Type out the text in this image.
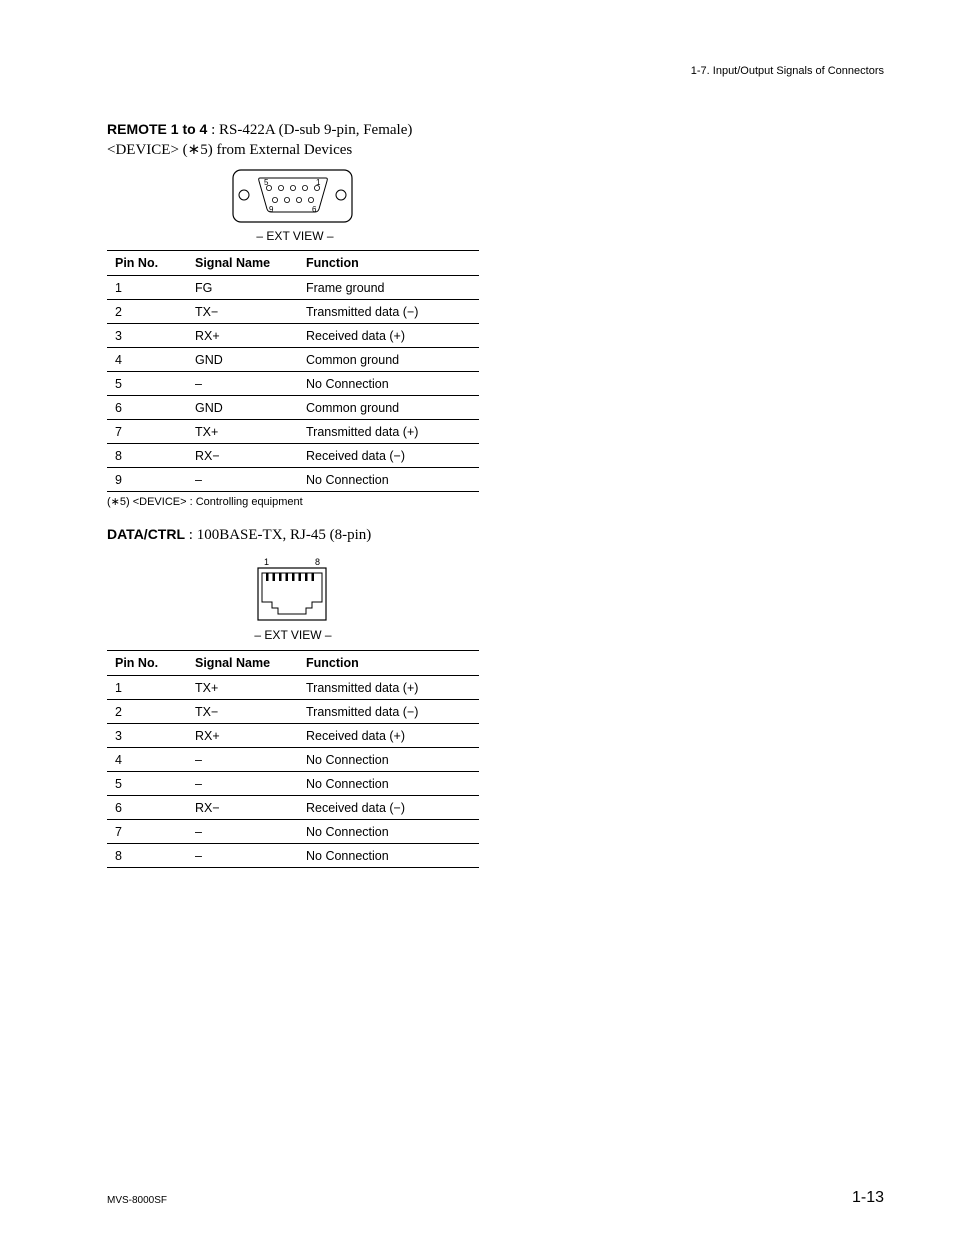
1-7. Input/Output Signals of Connectors
REMOTE 1 to 4 : RS-422A (D-sub 9-pin, Female)
<DEVICE> (∗5) from External Devices
5	1
9	6
– EXT VIEW –
Pin No.	Signal Name	Function
1	FG	Frame ground
2	TX−	Transmitted data (−)
3	RX+	Received data (+)
4	GND	Common ground
5	–	No Connection
6	GND	Common ground
7	TX+	Transmitted data (+)
8	RX−	Received data (−)
9	–	No Connection
(∗5) <DEVICE> : Controlling equipment
DATA/CTRL : 100BASE-TX, RJ-45 (8-pin)
1	8
– EXT VIEW –
Pin No.	Signal Name	Function
1	TX+	Transmitted data (+)
2	TX−	Transmitted data (−)
3	RX+	Received data (+)
4	–	No Connection
5	–	No Connection
6	RX−	Received data (−)
7	–	No Connection
8	–	No Connection
MVS-8000SF	1-13
